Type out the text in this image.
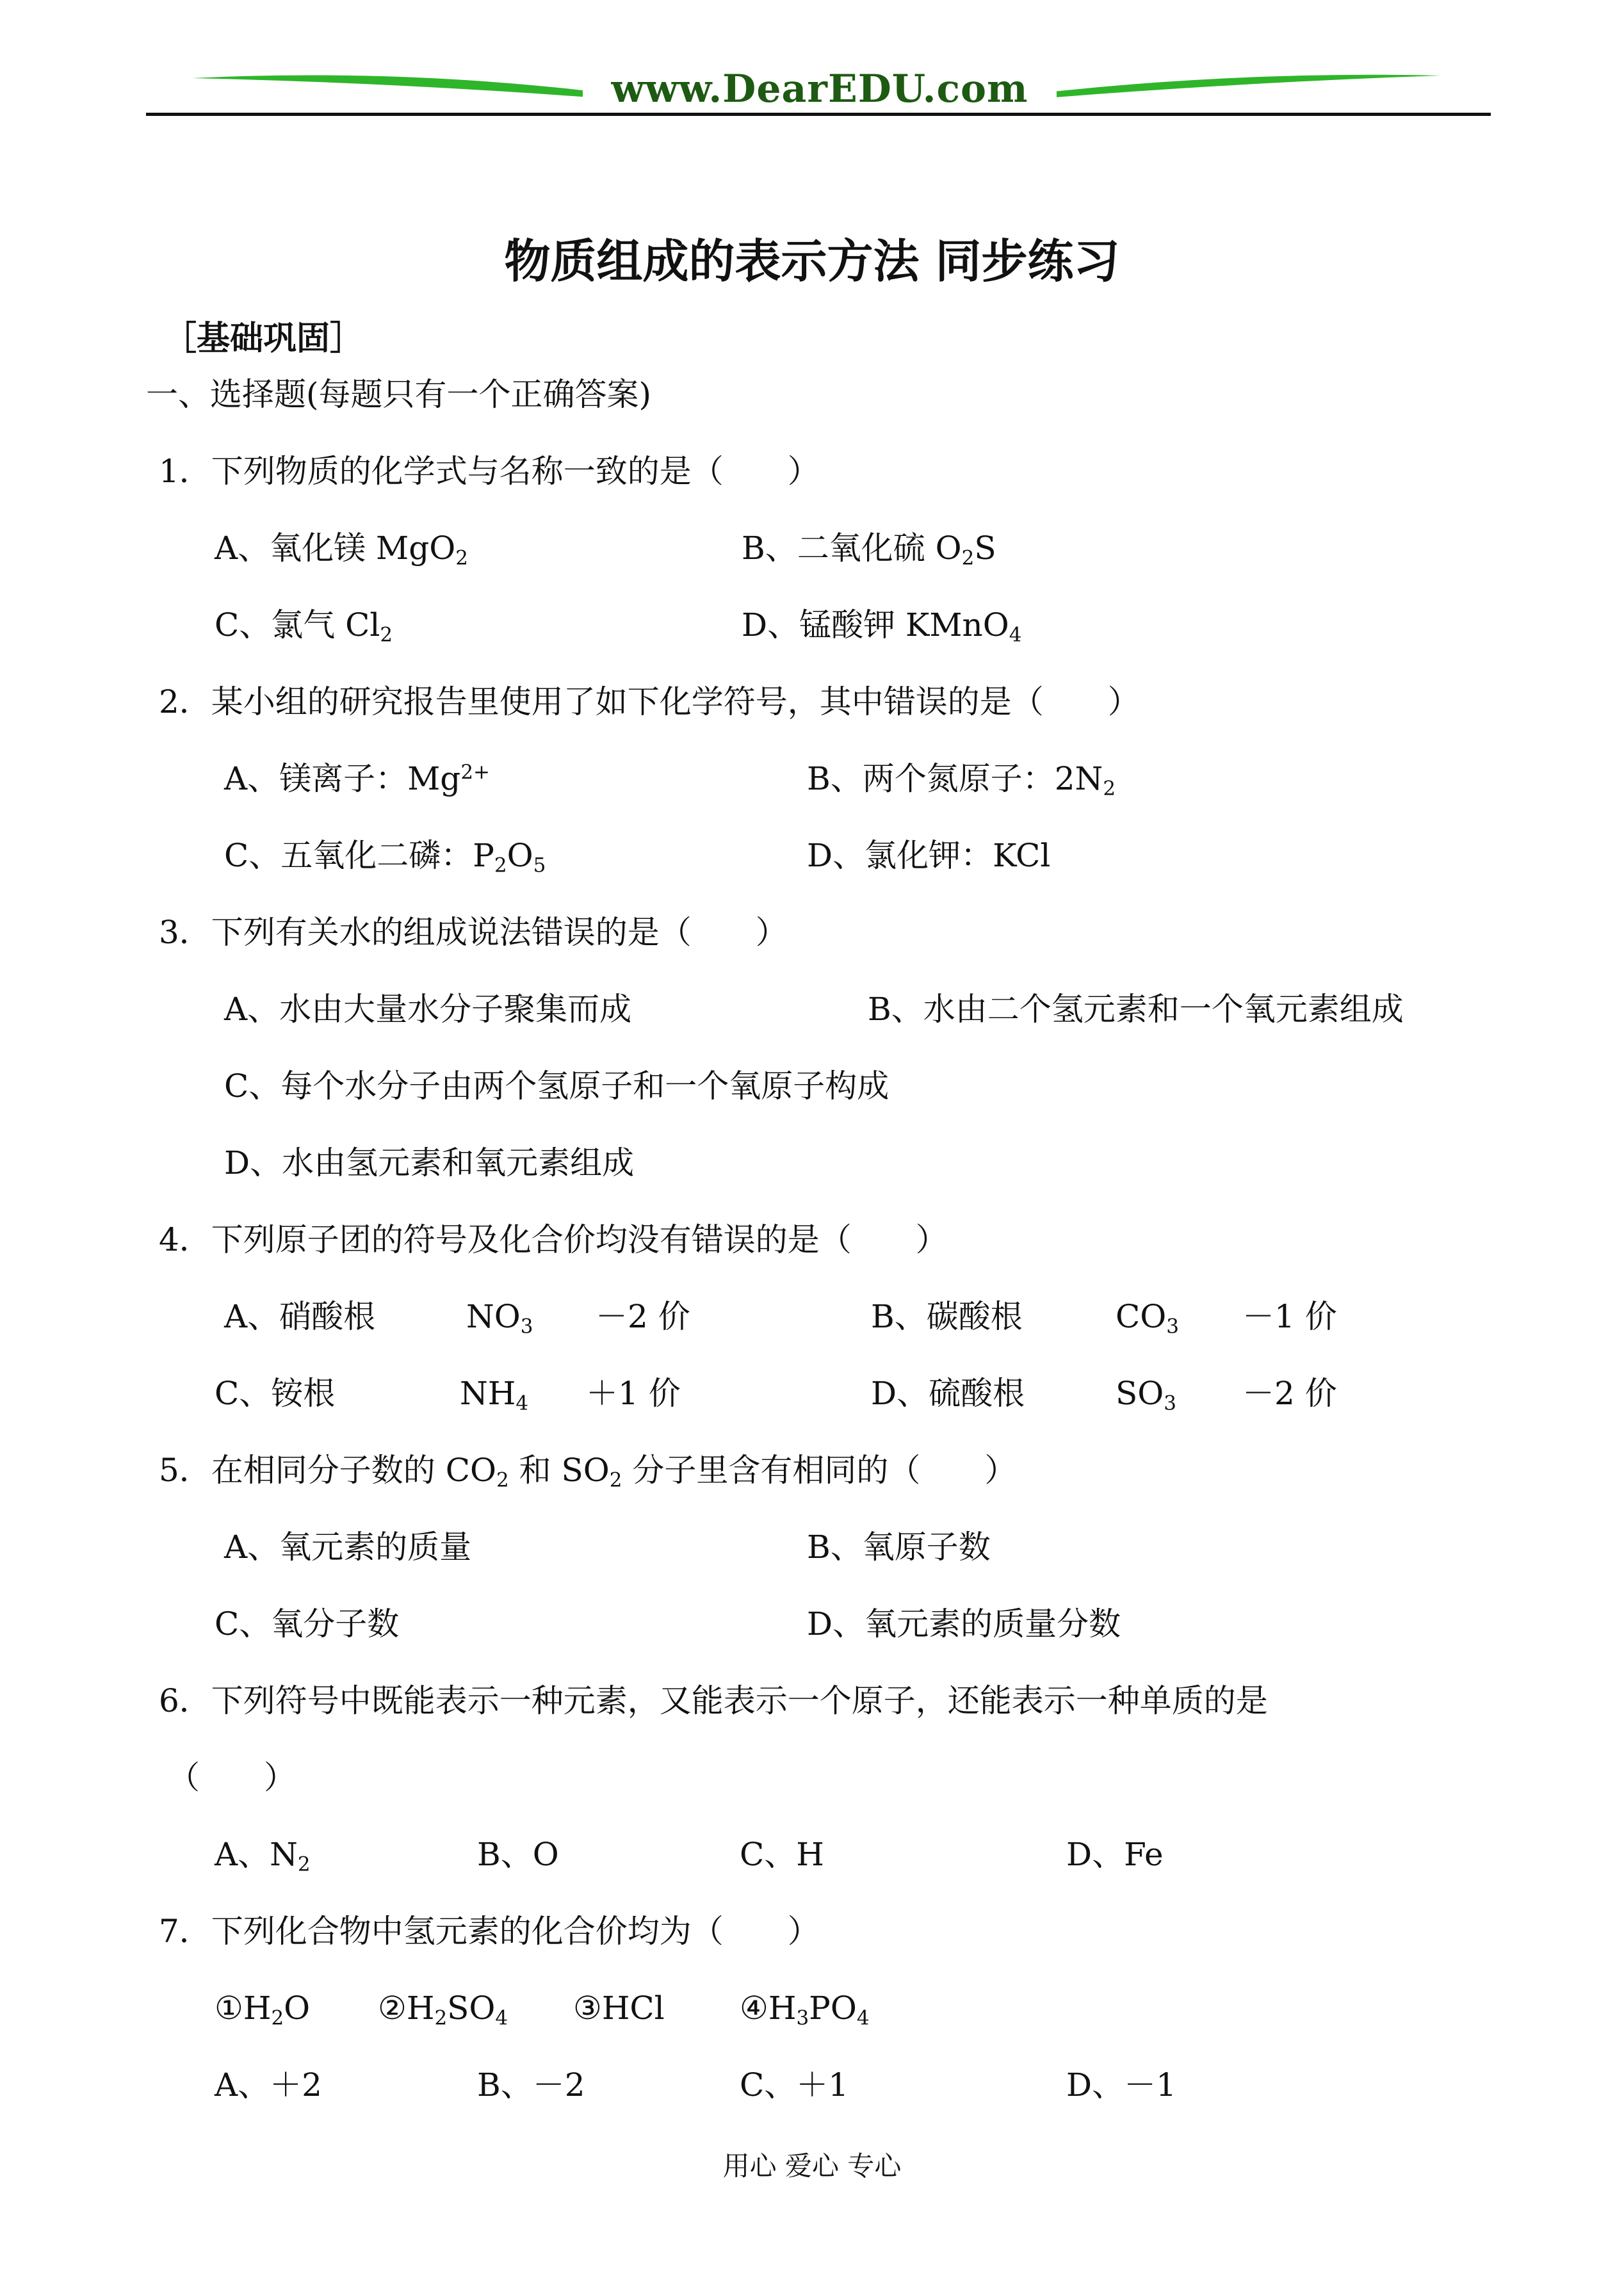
www.DearEDU.com
物质组成的表示方法 同步练习
［基础巩固］
一、选择题(每题只有一个正确答案)
1．下列物质的化学式与名称一致的是（　　）
A、氧化镁 MgO$_2$	B、二氧化硫 $O_2S$
C、氯气 $Cl_2$	D、锰酸钾 KMnO$_4$
2．某小组的研究报告里使用了如下化学符号，其中错误的是（　　）
A、镁离子：$Mg^{2+}$	B、两个氮原子：$2N_2$
C、五氧化二磷：$P_2O_5$	D、氯化钾：KCl
3．下列有关水的组成说法错误的是（　　）
A、水由大量水分子聚集而成	B、水由二个氢元素和一个氧元素组成
C、每个水分子由两个氢原子和一个氧原子构成
D、水由氢元素和氧元素组成
4．下列原子团的符号及化合价均没有错误的是（　　）
A、硝酸根	$NO_3 -2$ 价	B、碳酸根	$CO_3 -1$ 价
C、铵根	$NH_4 +1$ 价	D、硫酸根	$SO_3 -2$ 价
5．在相同分子数的 $CO_2$ 和 $SO_2$ 分子里含有相同的（　　）
A、氧元素的质量	B、氧原子数
C、氧分子数	D、氧元素的质量分数
6．下列符号中既能表示一种元素，又能表示一个原子，还能表示一种单质的是
（　　）
A、$N_2$	B、O	C、H	D、Fe
7．下列化合物中氢元素的化合价均为（　　）
$①H_2O$ $②H_2SO_4$ ③HCl $④H_3PO_4$
A、＋2	B、－2	C、＋1	D、－1
用心 爱心 专心
